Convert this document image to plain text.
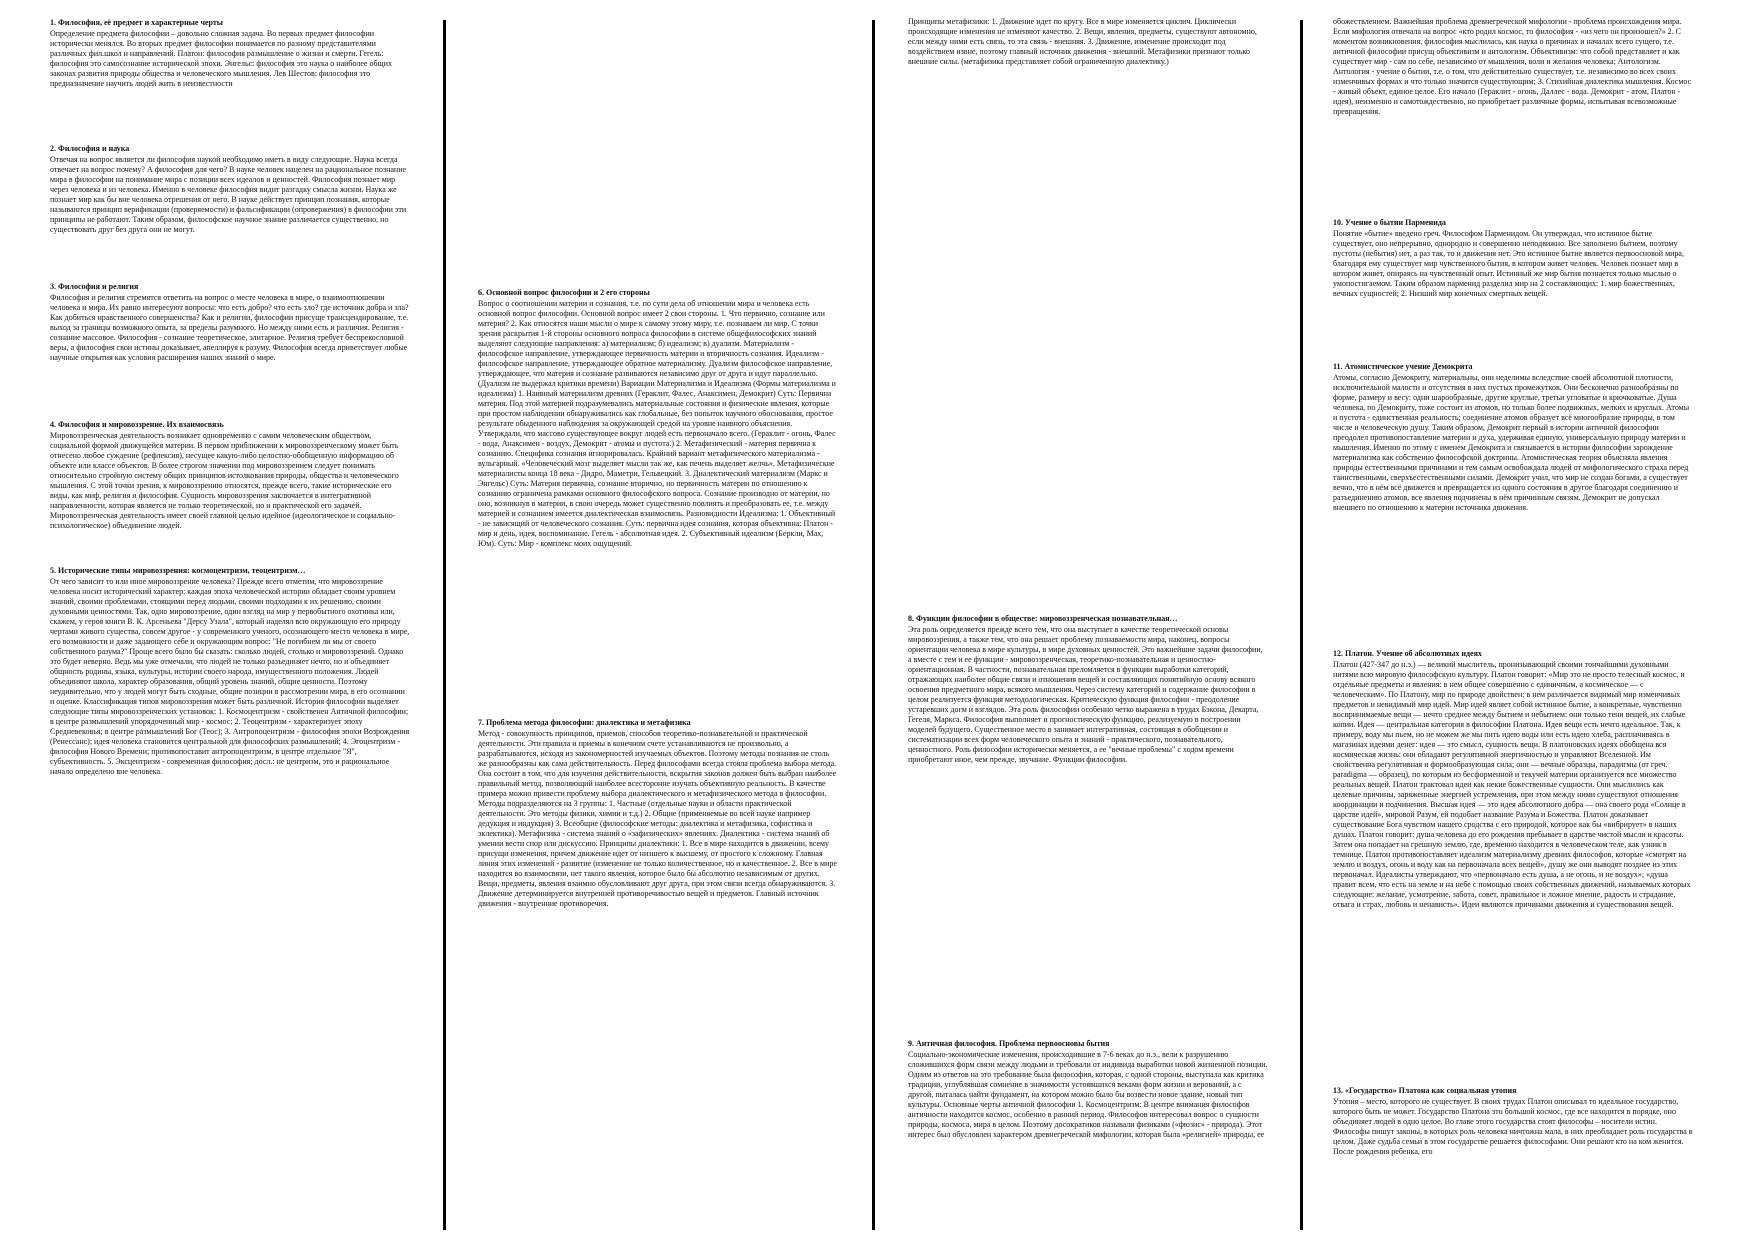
1. Философия, её предмет и характерные черты

Определение предмета философии – довольно сложная задача. Во первых предмет философии исторически менялся. Во вторых предмет философии понимается по разному представителями различных фил.школ и направлений. Платон: философия размышление о жизни и смерти. Гегель: философия это самосознание исторической эпохи. Энгельс: философия это наука о наиболее общих законах развития природы общества и человеческого мышления. Лев Шестов: философия это предназначение научить людей жить в неизвестности

2. Философия и наука

Отвечая на вопрос является ли философия наукой необходимо иметь в виду следующие. Наука всегда отвечает на вопрос почему? А философия для чего? В науке человек нацелен на рациональное познание мира в философии на понимание мира с позиции всех идеалов и ценностей. Философия познает мир через человека и из человека. Именно в человеке философия видит разгадку смысла жизни. Наука же познает мир как бы вне человека отрешения от него. В науке действует принцип познания, которые называются принцип верификации (проверяемости) и фальсификации (опровержения) в философии эти принципы не работают. Таким образом, философское научное знание различается существенно, но существовать друг без друга они не могут.

3. Философия и религия

Философия и религия стремятся ответить на вопрос о месте человека в мире, о взаимоотношении человека и мира. Их равно интересуют вопросы: что есть добро? что есть зло? где источник добра и зла? Как добиться нравственного совершенства? Как и религии, философии присуще трансцендирование, т.е. выход за границы возможного опыта, за пределы разумного. Но между ними есть и различия. Религия - сознание массовое. Философия - сознание теоретическое, элитарное. Религия требует беспрекословной веры, а философия свои истины доказывает, апеллируя к разуму. Философия всегда приветствует любые научные открытия как условия расширения наших знаний о мире.

4. Философия и мировоззрение. Их взаимосвязь

Мировоззренческая деятельность возникает одновременно с самим человеческим обществом, социальной формой движущейся материи. В первом приближении к мировоззренческому может быть отнесено любое суждение (рефлексия), несущее какую-либо целостно-обобщенную информацию об объекте или классе объектов. В более строгом значении под мировоззрением следует понимать относительно стройную систему общих принципов истолкования природы, общества и человеческого мышления. С этой точки зрения, к мировоззрению относятся, прежде всего, такие исторические его виды, как миф, религия и философия. Сущность мировоззрения заключается в интегративной направленности, которая является не только теоретической, но и практической его задачей. Мировоззренческая деятельность имеет своей главной целью идейное (идеологическое и социально-психологическое) объединение людей.

5. Исторические типы мировоззрения: космоцентризм, теоцентризм…

От чего зависит то или иное мировоззрение человека? Прежде всего отметим, что мировоззрение человека носит исторический характер: каждая эпоха человеческой истории обладает своим уровнем знаний, своими проблемами, стоящими перед людьми, своими подходами к их решению, своими духовными ценностями. Так, одно мировоззрение, один взгляд на мир у первобытного охотника или, скажем, у героя книги В. К. Арсеньева "Дерсу Узала", который наделял всю окружающую его природу чертами живого существа, совсем другое - у современного ученого, осознающего место человека в мире, его возможности и даже задающего себе и окружающим вопрос: "Не погибнем ли мы от своего собственного разума?" Проще всего было бы сказать: сколько людей, столько и мировоззрений. Однако это будет неверно. Ведь мы уже отмечали, что людей не только разъединяет нечто, но и объединяет общность родины, языка, культуры, истории своего народа, имущественного положения. Людей объединяют школа, характер образования, общий уровень знаний, общие ценности. Поэтому неудивительно, что у людей могут быть сходные, общие позиции в рассмотрении мира, в его осознании и оценке. Классификация типов мировоззрения может быть различной. История философии выделяет следующие типы мировоззренческих установок: 1. Космоцентризм - свойственен Античной философии; в центре размышлений упорядоченный мир - космос; 2. Теоцентризм - характеризует эпоху Средневековья; в центре размышлений Бог (Теос); 3. Антропоцентризм - философия эпохи Возрождения (Ренессанс); идея человека становится центральной для философских размышлений; 4. Эгоцентризм - философия Нового Времени; противопоставит антропоцентризм, в центре отдельное "Я", субъективность. 5. Эксцентризм - современная философия; досл.: не центризм, это и рациональное начало определено вне человека.

6. Основной вопрос философии и 2 его стороны

Вопрос о соотношении материи и сознания, т.е. по сути дела об отношении мира и человека есть основной вопрос философии. Основной вопрос имеет 2 свои стороны. 1. Что первично, сознание или материя? 2. Как относятся наши мысли о мире к самому этому миру, т.е. познаваем ли мир. С точки зрения раскрытия 1-й стороны основного вопроса философии в системе общефилософских знаний выделяют следующие направления: а) материализм; б) идеализм; в) дуализм. Материализм - философское направление, утверждающее первичность материи и вторичность сознания. Идеализм - философское направление, утверждающее обратное материализму. Дуализм философское направление, утверждающее, что материя и сознание развиваются независимо друг от друга и идут параллельно. (Дуализм не выдержал критики времени) Вариации Материализма и Идеализма (Формы материализма и идеализма) 1. Наивный материализм древних (Гераклит, Фалес, Анаксимен, Демокрит) Суть: Первична материя. Под этой материей подразумевались материальные состояния и физические явления, которые при простом наблюдении обнаруживались как глобальные, без попыток научного обоснования, простое результате обыденного наблюдения за окружающей средой на уровне наивного объяснения. Утверждали, что массово существующее вокруг людей есть первоначало всего. (Гераклит - огонь, Фалес - вода, Анаксимен - воздух, Демокрит - атомы и пустота.) 2. Метафизический - материя первична к сознанию. Специфика сознания игнорировалась. Крайний вариант метафизического материализма - вульгарный. «Человеческий мозг выделяет мысли так же, как печень выделяет желчь». Метафизические материалисты конца 18 века - Дидро, Маметри, Гельвецкий. 3. Диалектический материализм (Маркс и Энгельс) Суть: Материя первична, сознание вторично, но первичность материи по отношению к сознанию ограничена рамками основного философского вопроса. Сознание производно от материи, но оно, возникнув в материи, в свою очередь может существенно повлиять и преобразовать ее, т.е. между материей и сознанием имеется диалектическая взаимосвязь. Разновидности Идеализма: 1. Объективный - не зависящий от человеческого сознания. Суть: первична идея сознания, которая объективна: Платон - мир и день, идея, воспоминание. Гегель - абсолютная идея. 2. Субъективный идеализм (Беркли, Мах, Юм). Суть: Мир - комплекс моих ощущений.

7. Проблема метода философии: диалектика и метафизика

Метод - совокупность принципов, приемов, способов теоретико-познавательной и практической деятельности. Эти правила и приемы в конечном счете устанавливаются не произвольно, а разрабатываются, исходя из закономерностей изучаемых объектов. Поэтому методы познания не столь же разнообразны как сама действительность. Перед философами всегда стояла проблема выбора метода. Она состоит в том, что для изучения действительности, вскрытия законов должен быть выбран наиболее правильный метод, позволяющий наиболее всесторонне изучать объективную реальность. В качестве примера можно привести проблему выбора диалектического и метафизического метода в философии. Методы подразделяются на 3 группы: 1. Частные (отдельные науки и области практической деятельности. Это методы физики, химии и т.д.) 2. Общие (применяемые во всей науке например дедукция и индукция) 3. Всеобщие (философские методы: диалектика и метафизика, софистика и эклектика). Метафизика - система знаний о «зафизических» явлениях. Диалектика - система знаний об умении вести спор или дискуссию. Принципы диалектики: 1. Все в мире находится в движении, всему присущи изменения, причем движение идет от низшего к высшему, от простого к сложному. Главная линия этих изменений - развитие (изменение не только количественное, но и качественное. 2. Все в мире находится во взаимосвязи, нет такого явления, которое было бы абсолютно независимым от других. Вещи, предметы, явления взаимно обусловливают друг друга, при этом связи всегда обнаруживаются. 3. Движение детерминируется внутренней противоречивостью вещей и предметов. Главный источник движения - внутренние противоречия.

Принципы метафизики: 1. Движение идет по кругу. Все в мире изменяется циклич. Циклически происходящие изменения не изменяют качество. 2. Вещи, явления, предметы, существуют автономно, если между ними есть связь, то эта связь - внешняя. 3. Движение, изменение происходит под воздействием извне, поэтому главный источник движения - внешний. Метафизики признают только внешние силы. (метафизика представляет собой ограниченную диалектику.)

8. Функции философии в обществе: мировоззренческая познавательная…

Эта роль определяется прежде всего тем, что она выступает в качестве теоретической основы мировоззрения, а также тем, что она решает проблему познаваемости мира, наконец, вопросы ориентации человека в мире культуры, в мире духовных ценностей. Это важнейшие задачи философии, а вместе с тем и ее функции - мировоззренческая, теоретико-познавательная и ценностно-ориентационная. В частности, познавательная преломляется в функции выработки категорий, отражающих наиболее общие связи и отношения вещей и составляющих понятийную основу всякого освоения предметного мира, всякого мышления. Через систему категорий и содержание философии в целом реализуется функция методологическая. Критическую функция философии - преодоление устаревших догм и взглядов. Эта роль философии особенно четко выражена в трудах Бэкона, Декарта, Гегеля, Маркса. Философия выполняет и прогностическую функцию, реализуемую в построении моделей будущего. Существенное место в занимает интегративная, состоящая в обобщении и систематизации всех форм человеческого опыта и знаний - практического, познавательного, ценностного. Роль философии исторически меняется, а ее "вечные проблемы" с ходом времени приобретают иное, чем прежде, звучание. Функции философии.

9. Античная философия. Проблема первоосновы бытия

Социально-экономические изменения, происходившие в 7-6 веках до н.э., вели к разрушению сложившихся форм связи между людьми и требовали от индивида выработки новой жизненной позиции. Одним из ответов на это требование была философия, которая, с одной стороны, выступала как критика традиции, углублявшая сомнение в значимости устоявшихся веками форм жизни и верований, а с другой, пыталась найти фундамент, на котором можно было бы возвести новое здание, новый тип культуры. Основные черты античной философии 1. Космоцентризм: В центре внимания философов античности находится космос, особенно в ранний период. Философов интересовал вопрос о сущности природы, космоса, мира в целом. Поэтому досократиков называли физиками («фюзис» - природа). Этот интерес был обусловлен характером древнегреческой мифологии, которая была «религией» природы, ее

обожествлением. Важнейшая проблема древнегреческой мифологии - проблема происхождения мира. Если мифология отвечала на вопрос «кто родил космос, то философия - «из чего он произошел?» 2. С моментом возникновения, философия мыслилась, как наука о причинах и началах всего сущего, т.е. античной философии присущ объективизм и антологизм. Объективизм: что собой представляет и как существует мир - сам по себе, независимо от мышления, воли и желания человека; Антологизм. Антология - учение о бытии, т.е. о том, что действительно существует, т.е. независимо во всех своих изменчивых формах и что только значится существующим; 3. Стихийная диалектика мышления. Космос - живый объект, единое целое. Его начало (Гераклит - огонь, Даллес - вода. Демокрит - атом, Платон - идея), неизменно и самотождественно, но приобретает различные формы, испытывая всевозможные превращения.

10. Учение о бытии Парменида

Понятие «бытие» введено греч. Философом Парменидом. Он утверждал, что истинное бытие существует, оно непрерывно, однородно и совершенно неподвижно. Все заполнено бытием, поэтому пустоты (небытия) нет, а раз так, то и движения нет. Это истинное бытие является первоосновой мира, благодаря ему существует мир чувственного бытия, в котором живет человек. Человек познает мир в котором живет, опираясь на чувственный опыт. Истинный же мир бытия познается только мыслью о умопостигаемом. Таким образом парменид разделил мир на 2 составляющих: 1. мир божественных, вечных сущностей; 2. Низший мир конечных смертных вещей.

11. Атомистическое учение Демокрита

Атомы, согласно Демокриту, материальны, они неделимы вследствие своей абсолютной плотности, исключительной малости и отсутствия в них пустых промежутков. Они бесконечно разнообразны по форме, размеру и весу: одни шарообразные, другие круглые, третьи угловатые и крючковатые. Душа человека, по Демокриту, тоже состоит из атомов, но только более подвижных, мелких и круглых. Атомы и пустота - единственная реальность; соединение атомов образует всё многообразие природы, в том числе и человеческую душу. Таким образом, Демокрит первый в истории античной философии преодолел противопоставление материи и духа, удерживая единую, универсальную природу материи и мышления. Именно по этому с именем Демокрита и связывается в истории философии зарождение материализма как собственно философской доктрины. Атомистическая теория объясняла явления природы естественными причинами и тем самым освобождала людей от мифологического страха перед таинственными, сверхъестественными силами. Демокрит учил, что мир не создан богами, а существует вечно, что в нём всё движется и превращается из одного состояния в другое благодаря соединению и разъединению атомов, все явления подчинены в нём причинным связям. Демокрит не допускал внешнего по отношению к материи источника движения.

12. Платон. Учение об абсолютных идеях

Платон (427-347 до н.э.) — великий мыслитель, пронизывающий своими тончайшими духовными нитями всю мировую философскую культуру. Платон говорит: «Мир это не просто телесный космос, и отдельные предметы и явления: в нем общее совершенно с единичным, а космическое — с человеческим». По Платону, мир по природе двойствен: в нем различается видимый мир изменчивых предметов и невидимый мир идей. Мир идей являет собой истинное бытие, а конкретные, чувственно воспринимаемые вещи — нечто среднее между бытием и небытием: они только тени вещей, их слабые копии. Идея — центральная категория в философии Платона. Идея вещи есть нечто идеальное. Так, к примеру, воду мы пьем, но не можем же мы пить идею воды или есть идею хлеба, расплачиваясь в магазинах идеями денег: идея — это смысл, сущность вещи. В платоновских идеях обобщена вся космическая жизнь: они обладают регулятивной энергичностью и управляют Вселенной. Им свойственна регулятивная и формообразующая сила; они — вечные образцы, парадигмы (от греч. paradigma — образец), по которым из бесформенной и текучей материи организуется все множество реальных вещей. Платон трактовал идеи как некие божественные сущности. Они мыслились как целевые причины, заряженные энергией устремления, при этом между ними существуют отношения координации и подчинения. Высшая идея — это идея абсолютного добра — она своего рода «Солнце в царстве идей», мировой Разум, ей подобает название Разума и Божества. Платон доказывает существование Бога чувством нашего сродства с его природой, которое как бы «вибрирует» в наших душах. Платон говорит: душа человека до его рождения пребывает в царстве чистой мысли и красоты. Затем она попадает на грешную землю, где, временно находится в человеческом теле, как узник в темнице. Платон противопоставляет идеализм материализму древних философов, которые «смотрят на землю и воздух, огонь и воду как на первоначала всех вещей», душу же они выводят позднее из этих первоначал. Идеалисты утверждают, что «первоначало есть душа, а не огонь, и не воздух»; «душа правит всем, что есть на земле и на небе с помощью своих собственных движений, называемых которых следующие: желание, усмотрение, забота, совет, правильное и ложное мнение, радость и страдание, отвага и страх, любовь и ненависть». Идеи являются причинами движения и существования вещей.

13. «Государство» Платона как социальная утопия

Утопия – место, которого не существует. В своих трудах Платон описывал то идеальное государство, которого быть не может. Государство Платона это большой космос, где все находится в порядке, оно объединяет людей в одно целое. Во главе этого государства стоят философы – носители истин. Философы пишут законы, в которых роль человека ничтожна мала, в них преобладает роль государства в целом. Даже судьба семьи в этом государстве решается философами. Они решают кто на ком женится. После рождения ребенка, его
